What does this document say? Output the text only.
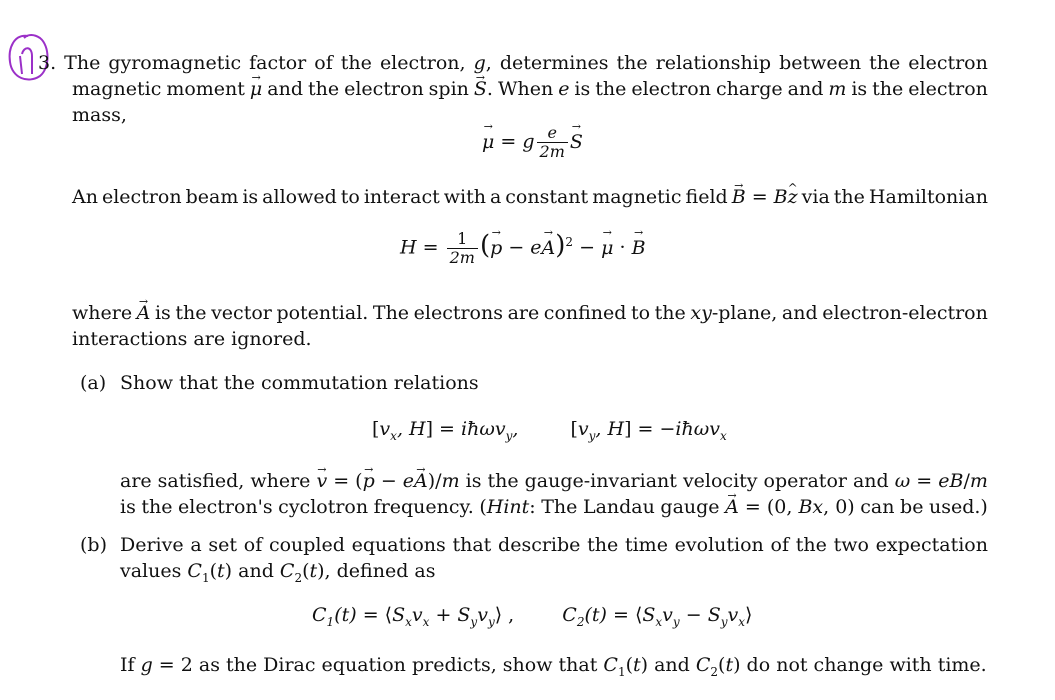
3. The gyromagnetic factor of the electron, g, determines the relationship between the electron
magnetic moment μ → and the electron spin S →. When e is the electron charge and m is the electron
mass,
μ → = g $\frac{e}{2m}$ S →
An electron beam is allowed to interact with a constant magnetic field B → = Bz ^ via the Hamiltonian
$H = \frac{1}{2m} (p$ → − eA →)$^2$ − μ → · B →
where A → is the vector potential. The electrons are confined to the xy-plane, and electron-electron
interactions are ignored.
(a) Show that the commutation relations
[$v_x$, H] = iħωv$_y$,  [$v_y$, H] = −iħωv$_x$
are satisfied, where v → = (p → − eA →)/m is the gauge-invariant velocity operator and ω = eB/m
is the electron's cyclotron frequency. (Hint: The Landau gauge A → = (0, Bx, 0) can be used.)
(b) Derive a set of coupled equations that describe the time evolution of the two expectation
values $C_1(t)$ and $C_2(t)$, defined as
$C_1(t)$ = $⟨S_xv_x$ + $S_yv_y⟩$ ,  $C_2(t)$ = $⟨S_xv_y$ − $S_yv_x⟩$
If g = 2 as the Dirac equation predicts, show that $C_1(t)$ and $C_2(t)$ do not change with time.
